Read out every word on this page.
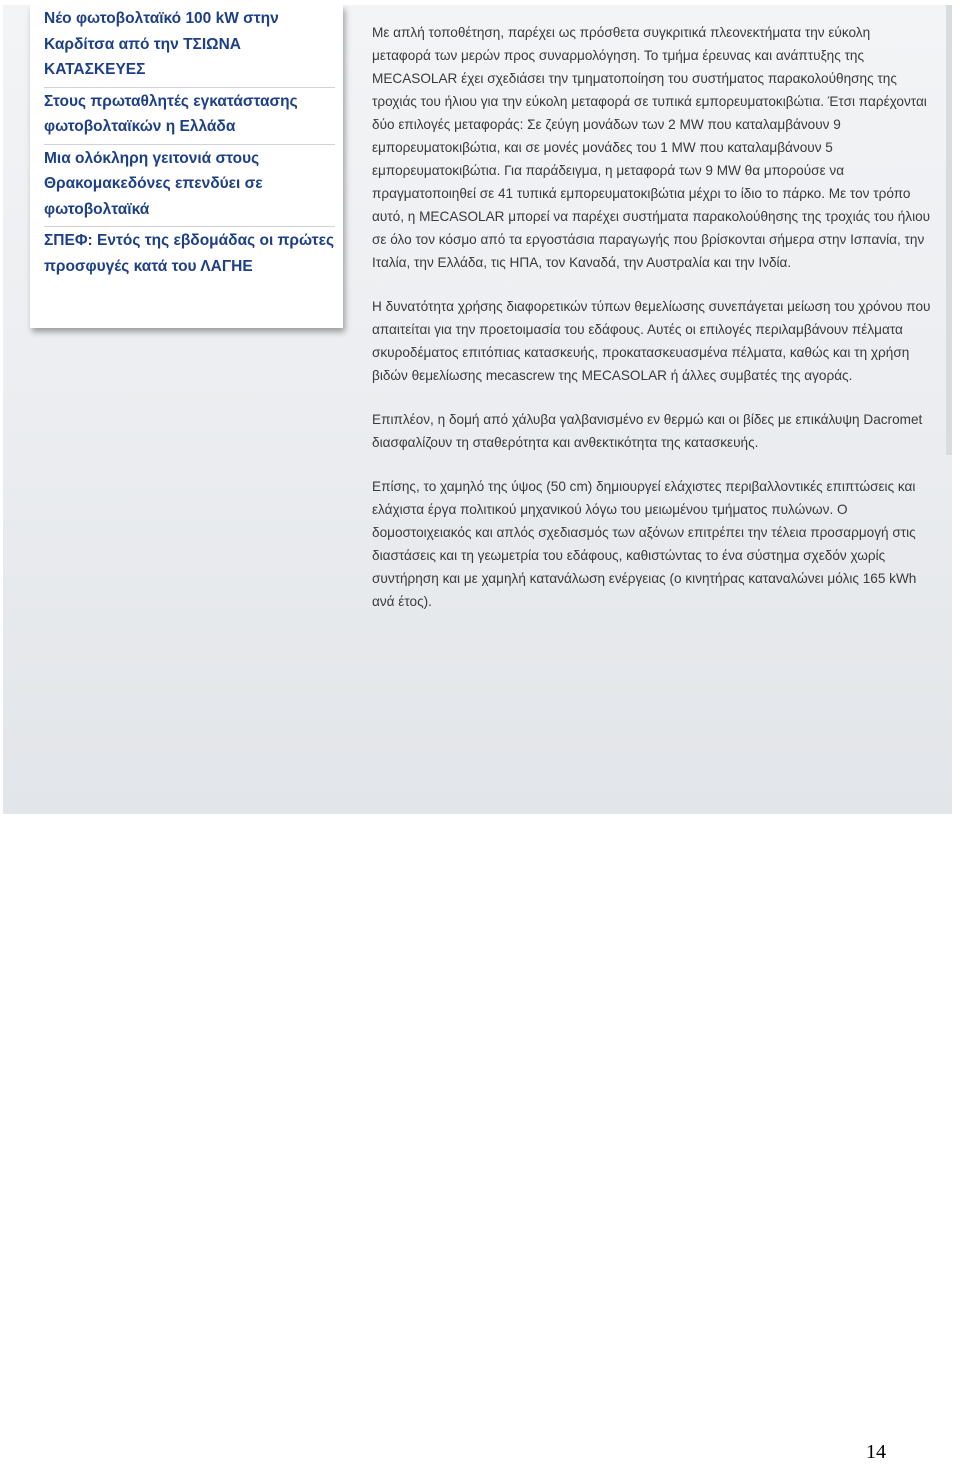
Νέο φωτοβολταϊκό 100 kW στην Καρδίτσα από την ΤΣΙΩΝΑ ΚΑΤΑΣΚΕΥΕΣ
Στους πρωταθλητές εγκατάστασης φωτοβολταϊκών η Ελλάδα
Μια ολόκληρη γειτονιά στους Θρακομακεδόνες επενδύει σε φωτοβολταϊκά
ΣΠΕΦ: Εντός της εβδομάδας οι πρώτες προσφυγές κατά του ΛΑΓΗΕ

Με απλή τοποθέτηση, παρέχει ως πρόσθετα συγκριτικά πλεονεκτήματα την εύκολη μεταφορά των μερών προς συναρμολόγηση. Το τμήμα έρευνας και ανάπτυξης της MECASOLAR έχει σχεδιάσει την τμηματοποίηση του συστήματος παρακολούθησης της τροχιάς του ήλιου για την εύκολη μεταφορά σε τυπικά εμπορευματοκιβώτια. Έτσι παρέχονται δύο επιλογές μεταφοράς: Σε ζεύγη μονάδων των 2 MW που καταλαμβάνουν 9 εμπορευματοκιβώτια, και σε μονές μονάδες του 1 MW που καταλαμβάνουν 5 εμπορευματοκιβώτια. Για παράδειγμα, η μεταφορά των 9 MW θα μπορούσε να πραγματοποιηθεί σε 41 τυπικά εμπορευματοκιβώτια μέχρι το ίδιο το πάρκο. Με τον τρόπο αυτό, η MECASOLAR μπορεί να παρέχει συστήματα παρακολούθησης της τροχιάς του ήλιου σε όλο τον κόσμο από τα εργοστάσια παραγωγής που βρίσκονται σήμερα στην Ισπανία, την Ιταλία, την Ελλάδα, τις ΗΠΑ, τον Καναδά, την Αυστραλία και την Ινδία.

Η δυνατότητα χρήσης διαφορετικών τύπων θεμελίωσης συνεπάγεται μείωση του χρόνου που απαιτείται για την προετοιμασία του εδάφους. Αυτές οι επιλογές περιλαμβάνουν πέλματα σκυροδέματος επιτόπιας κατασκευής, προκατασκευασμένα πέλματα, καθώς και τη χρήση βιδών θεμελίωσης mecascrew της MECASOLAR ή άλλες συμβατές της αγοράς.

Επιπλέον, η δομή από χάλυβα γαλβανισμένο εν θερμώ και οι βίδες με επικάλυψη Dacromet διασφαλίζουν τη σταθερότητα και ανθεκτικότητα της κατασκευής.

Επίσης, το χαμηλό της ύψος (50 cm) δημιουργεί ελάχιστες περιβαλλοντικές επιπτώσεις και ελάχιστα έργα πολιτικού μηχανικού λόγω του μειωμένου τμήματος πυλώνων. Ο δομοστοιχειακός και απλός σχεδιασμός των αξόνων επιτρέπει την τέλεια προσαρμογή στις διαστάσεις και τη γεωμετρία του εδάφους, καθιστώντας το ένα σύστημα σχεδόν χωρίς συντήρηση και με χαμηλή κατανάλωση ενέργειας (ο κινητήρας καταναλώνει μόλις 165 kWh ανά έτος).

14
